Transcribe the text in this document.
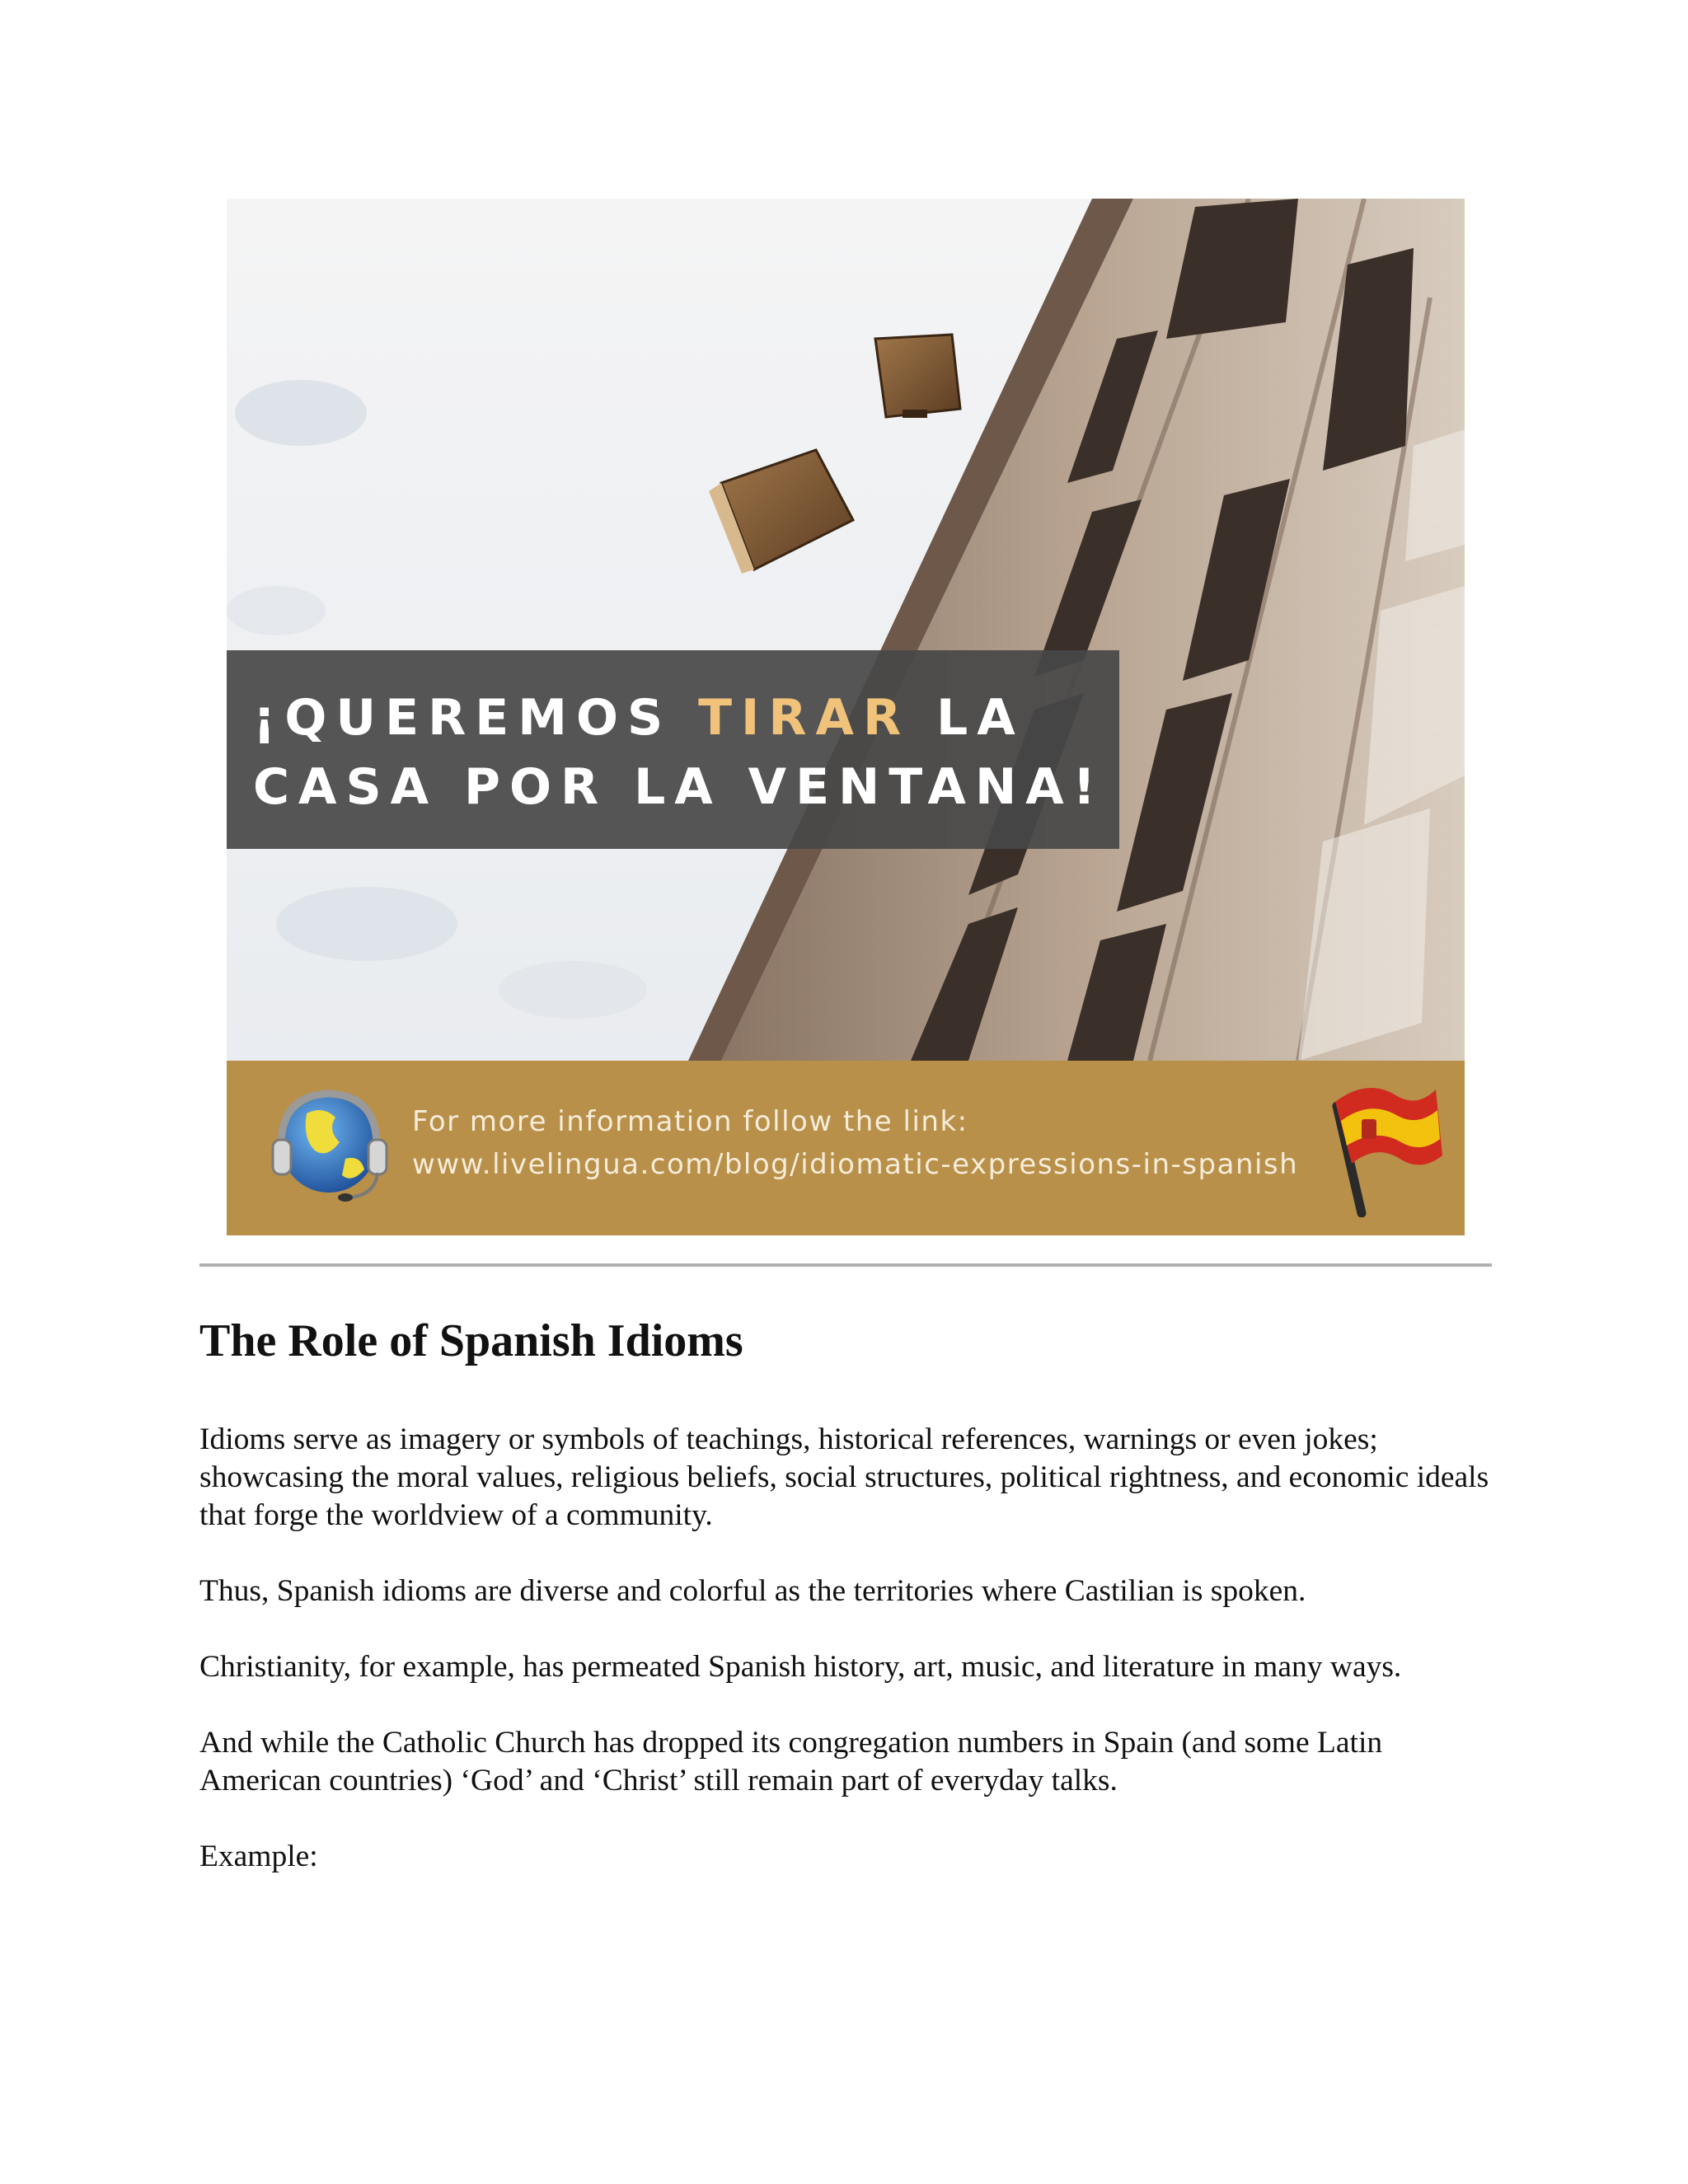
¡QUEREMOS TIRAR LA
CASA POR LA VENTANA!
For more information follow the link:
www.livelingua.com/blog/idiomatic-expressions-in-spanish
The Role of Spanish Idioms

Idioms serve as imagery or symbols of teachings, historical references, warnings or even jokes; showcasing the moral values, religious beliefs, social structures, political rightness, and economic ideals that forge the worldview of a community.

Thus, Spanish idioms are diverse and colorful as the territories where Castilian is spoken.

Christianity, for example, has permeated Spanish history, art, music, and literature in many ways.

And while the Catholic Church has dropped its congregation numbers in Spain (and some Latin American countries) ‘God’ and ‘Christ’ still remain part of everyday talks.

Example:
